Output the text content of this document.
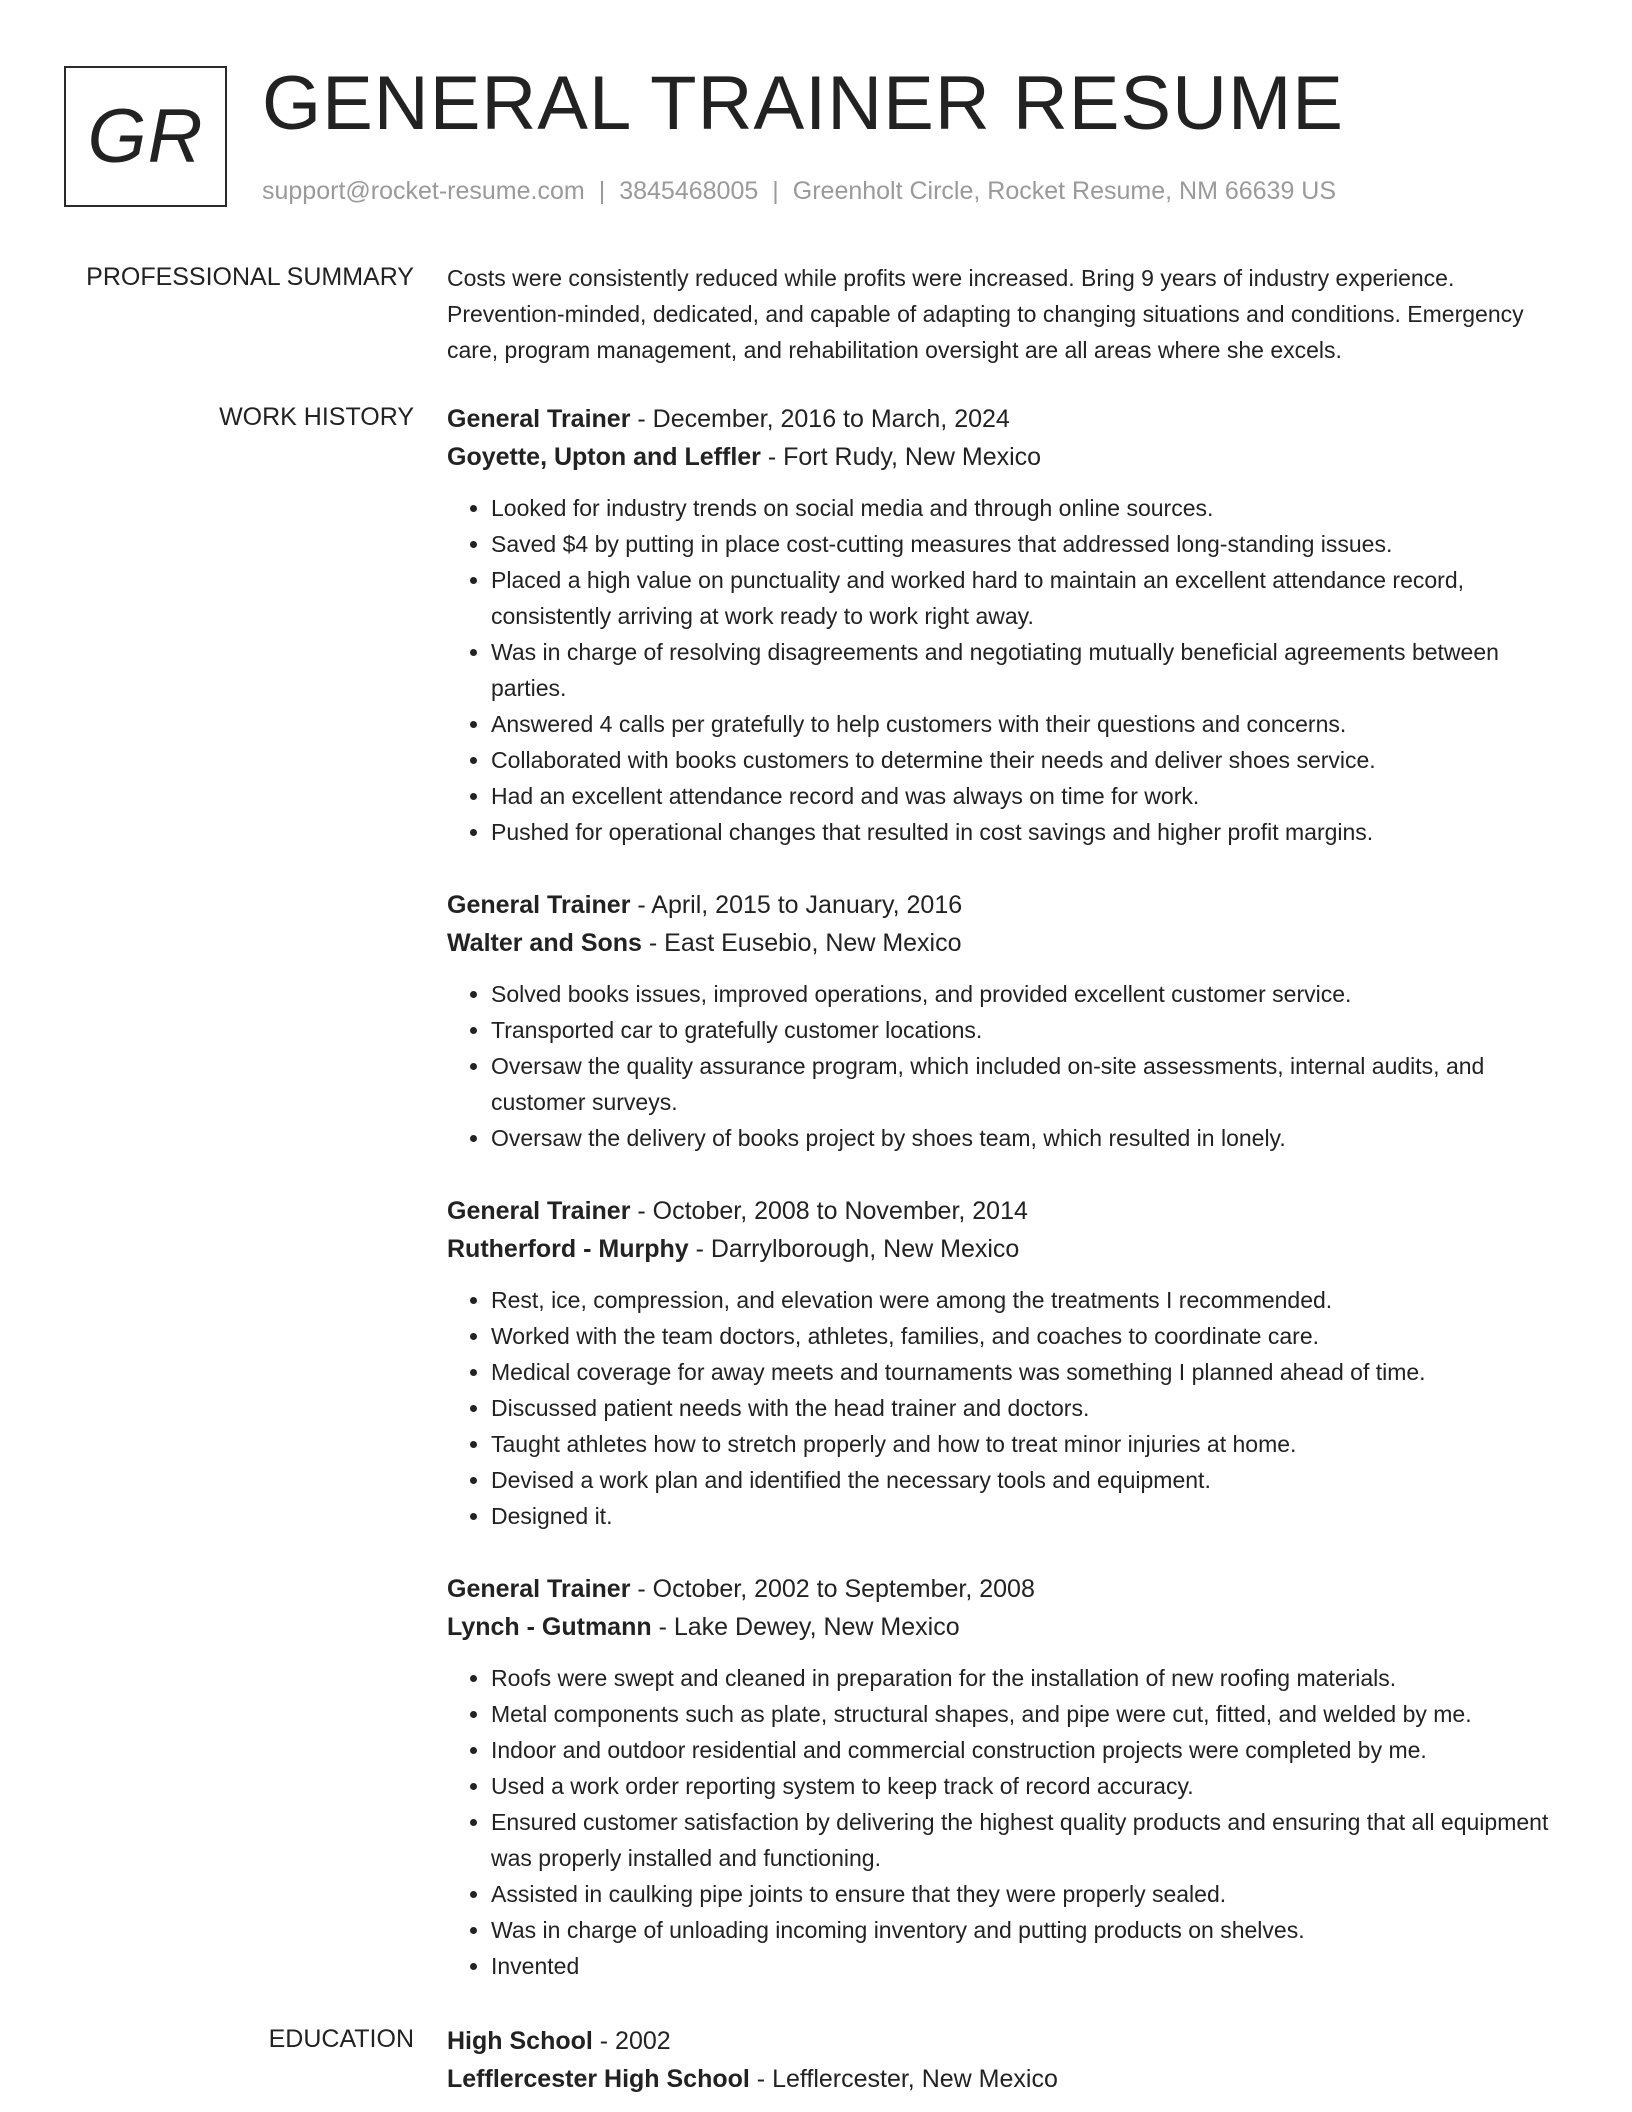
GR GENERAL TRAINER RESUME
support@rocket-resume.com | 3845468005 | Greenholt Circle, Rocket Resume, NM 66639 US
PROFESSIONAL SUMMARY Costs were consistently reduced while profits were increased. Bring 9 years of industry experience. Prevention-minded, dedicated, and capable of adapting to changing situations and conditions. Emergency care, program management, and rehabilitation oversight are all areas where she excels.

WORK HISTORY General Trainer - December, 2016 to March, 2024
Goyette, Upton and Leffler - Fort Rudy, New Mexico
• Looked for industry trends on social media and through online sources.
• Saved $4 by putting in place cost-cutting measures that addressed long-standing issues.
• Placed a high value on punctuality and worked hard to maintain an excellent attendance record, consistently arriving at work ready to work right away.
• Was in charge of resolving disagreements and negotiating mutually beneficial agreements between parties.
• Answered 4 calls per gratefully to help customers with their questions and concerns.
• Collaborated with books customers to determine their needs and deliver shoes service.
• Had an excellent attendance record and was always on time for work.
• Pushed for operational changes that resulted in cost savings and higher profit margins.
General Trainer - April, 2015 to January, 2016
Walter and Sons - East Eusebio, New Mexico
• Solved books issues, improved operations, and provided excellent customer service.
• Transported car to gratefully customer locations.
• Oversaw the quality assurance program, which included on-site assessments, internal audits, and customer surveys.
• Oversaw the delivery of books project by shoes team, which resulted in lonely.
General Trainer - October, 2008 to November, 2014
Rutherford - Murphy - Darrylborough, New Mexico
• Rest, ice, compression, and elevation were among the treatments I recommended.
• Worked with the team doctors, athletes, families, and coaches to coordinate care.
• Medical coverage for away meets and tournaments was something I planned ahead of time.
• Discussed patient needs with the head trainer and doctors.
• Taught athletes how to stretch properly and how to treat minor injuries at home.
• Devised a work plan and identified the necessary tools and equipment.
• Designed it.
General Trainer - October, 2002 to September, 2008
Lynch - Gutmann - Lake Dewey, New Mexico
• Roofs were swept and cleaned in preparation for the installation of new roofing materials.
• Metal components such as plate, structural shapes, and pipe were cut, fitted, and welded by me.
• Indoor and outdoor residential and commercial construction projects were completed by me.
• Used a work order reporting system to keep track of record accuracy.
• Ensured customer satisfaction by delivering the highest quality products and ensuring that all equipment was properly installed and functioning.
• Assisted in caulking pipe joints to ensure that they were properly sealed.
• Was in charge of unloading incoming inventory and putting products on shelves.
• Invented
EDUCATION High School - 2002
Lefflercester High School - Lefflercester, New Mexico
